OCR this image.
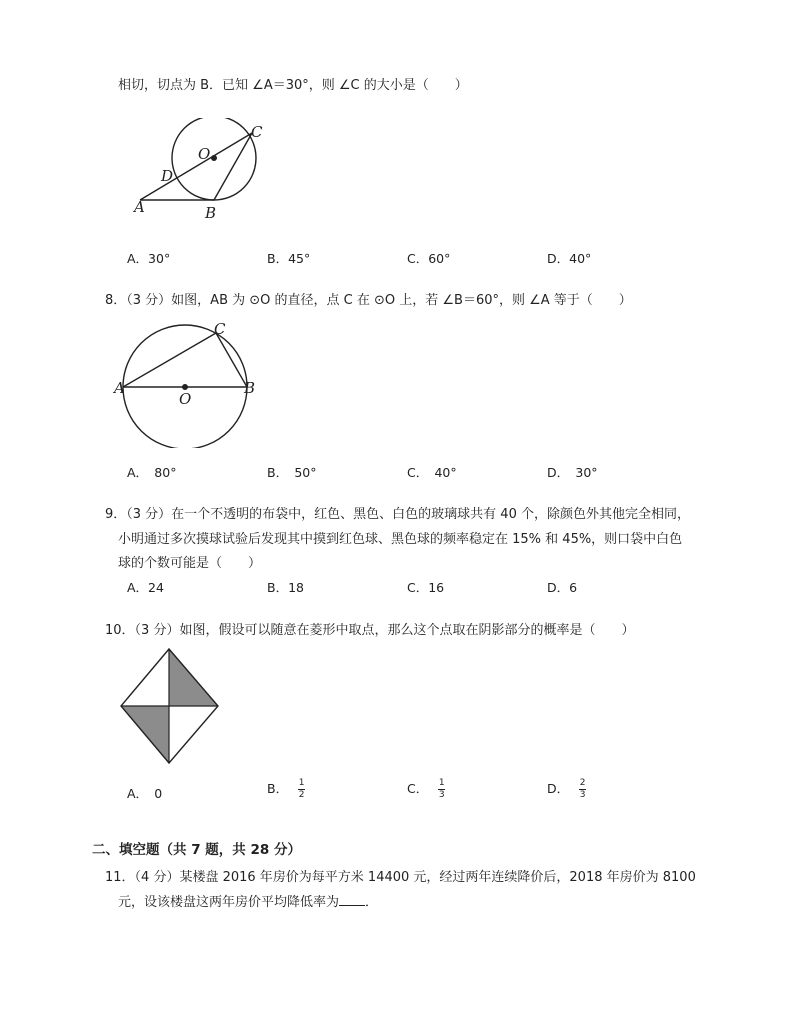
相切，切点为 B．已知 ∠A＝30°，则 ∠C 的大小是（　　）
O
C
D
A	B
A．30°	B．45°	C．60°	D．40°
8．（3 分）如图，AB 为 ⊙O 的直径，点 C 在 ⊙O 上，若 ∠B＝60°，则 ∠A 等于（　　）
A	B
C
O
A．　80°	B．　50°	C．　40°	D．　30°
9．（3 分）在一个不透明的布袋中，红色、黑色、白色的玻璃球共有 40 个，除颜色外其他完全相同，
小明通过多次摸球试验后发现其中摸到红色球、黑色球的频率稳定在 15% 和 45%，则口袋中白色
球的个数可能是（　　）
A．24	B．18	C．16	D．6
10．（3 分）如图，假设可以随意在菱形中取点，那么这个点取在阴影部分的概率是（　　）
A．　0	B． $\frac{1}{2}$	C． $\frac{1}{3}$	D． $\frac{2}{3}$
二、填空题（共 7 题，共 28 分）
11．（4 分）某楼盘 2016 年房价为每平方米 14400 元，经过两年连续降价后，2018 年房价为 8100
元，设该楼盘这两年房价平均降低率为 ．
